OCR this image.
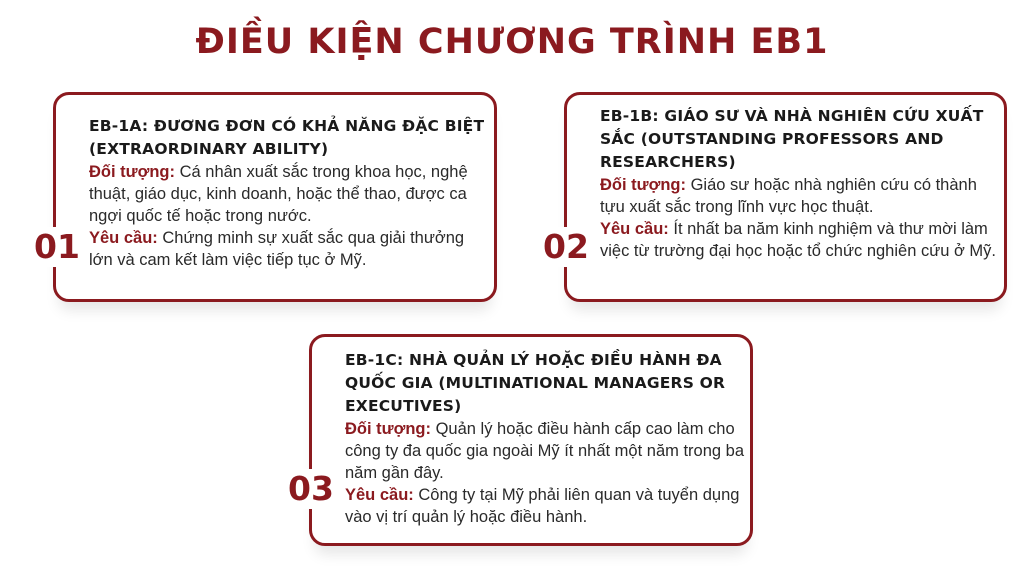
ĐIỀU KIỆN CHƯƠNG TRÌNH EB1
EB-1A: ĐƯƠNG ĐƠN CÓ KHẢ NĂNG ĐẶC BIỆT (EXTRAORDINARY ABILITY)
Đối tượng: Cá nhân xuất sắc trong khoa học, nghệ thuật, giáo dục, kinh doanh, hoặc thể thao, được ca ngợi quốc tế hoặc trong nước.
Yêu cầu: Chứng minh sự xuất sắc qua giải thưởng lớn và cam kết làm việc tiếp tục ở Mỹ.
01
EB-1B: GIÁO SƯ VÀ NHÀ NGHIÊN CỨU XUẤT SẮC (OUTSTANDING PROFESSORS AND RESEARCHERS)
Đối tượng: Giáo sư hoặc nhà nghiên cứu có thành tựu xuất sắc trong lĩnh vực học thuật.
Yêu cầu: Ít nhất ba năm kinh nghiệm và thư mời làm việc từ trường đại học hoặc tổ chức nghiên cứu ở Mỹ.
02
EB-1C: NHÀ QUẢN LÝ HOẶC ĐIỀU HÀNH ĐA QUỐC GIA (MULTINATIONAL MANAGERS OR EXECUTIVES)
Đối tượng: Quản lý hoặc điều hành cấp cao làm cho công ty đa quốc gia ngoài Mỹ ít nhất một năm trong ba năm gần đây.
Yêu cầu: Công ty tại Mỹ phải liên quan và tuyển dụng vào vị trí quản lý hoặc điều hành.
03
